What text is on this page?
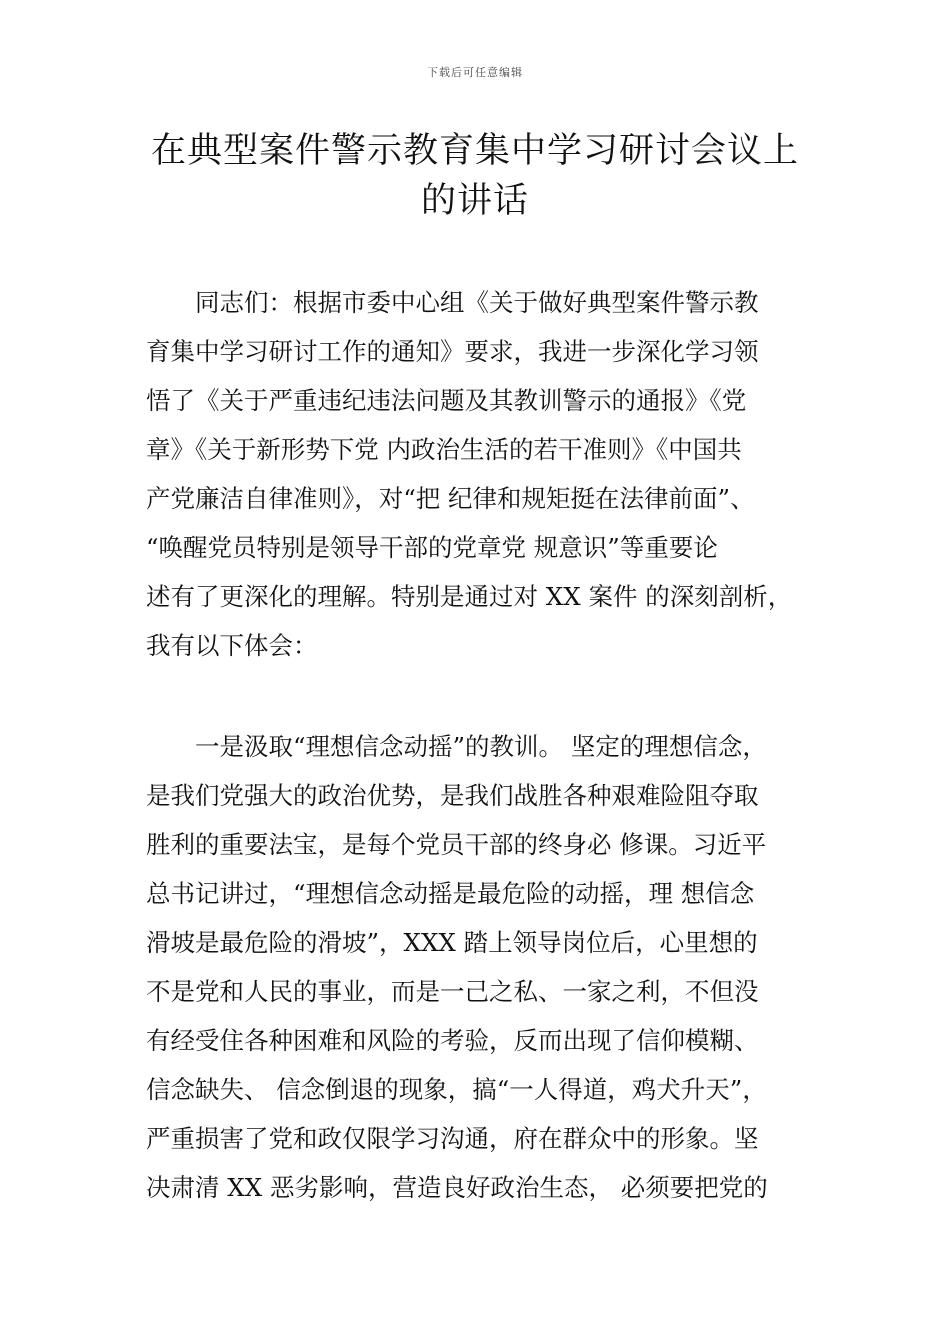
下载后可任意编辑
在典型案件警示教育集中学习研讨会议上
的讲话
　　同志们：根据市委中心组《关于做好典型案件警示教
育集中学习研讨工作的通知》要求，我进一步深化学习领
悟了《关于严重违纪违法问题及其教训警示的通报》《党
章》《关于新形势下党 内政治生活的若干准则》《中国共
产党廉洁自律准则》，对“把 纪律和规矩挺在法律前面”、
“唤醒党员特别是领导干部的党章党 规意识”等重要论
述有了更深化的理解。特别是通过对 XX 案件 的深刻剖析，
我有以下体会：
　　一是汲取“理想信念动摇”的教训。 坚定的理想信念，
是我们党强大的政治优势，是我们战胜各种艰难险阻夺取
胜利的重要法宝，是每个党员干部的终身必 修课。习近平
总书记讲过，“理想信念动摇是最危险的动摇，理 想信念
滑坡是最危险的滑坡”，XXX 踏上领导岗位后，心里想的
不是党和人民的事业，而是一己之私、一家之利，不但没
有经受住各种困难和风险的考验，反而出现了信仰模糊、
信念缺失、 信念倒退的现象，搞“一人得道，鸡犬升天”，
严重损害了党和政仅限学习沟通，府在群众中的形象。坚
决肃清 XX 恶劣影响，营造良好政治生态， 必须要把党的
